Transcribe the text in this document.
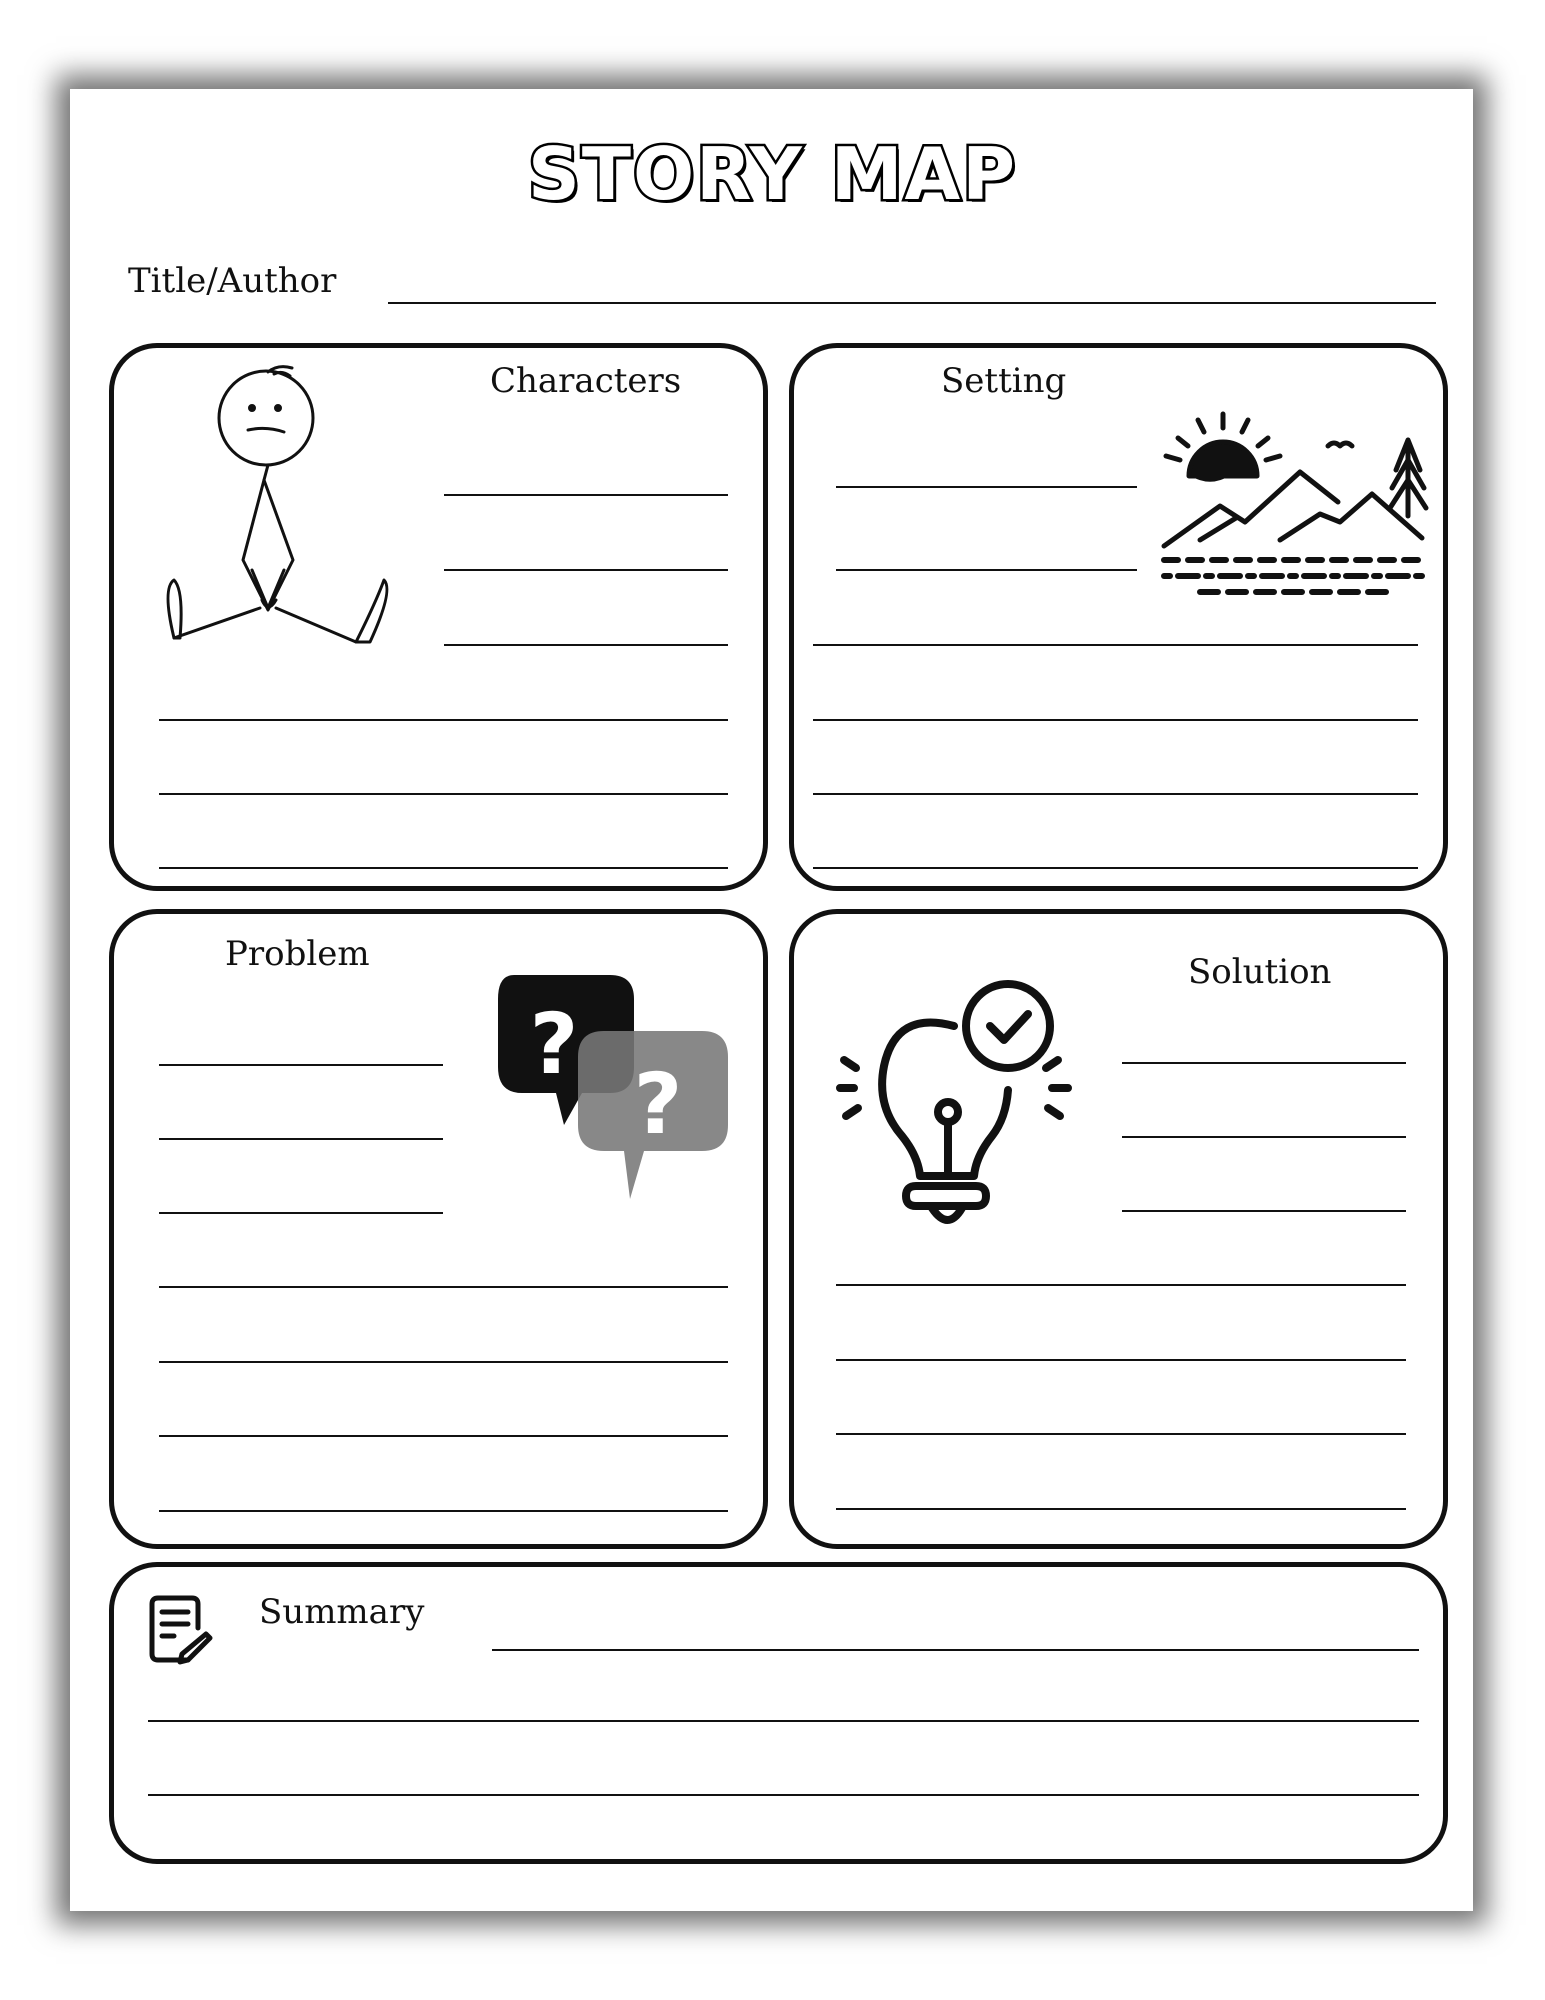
STORY MAP
Title/Author
Characters	Setting
Problem
?
?
Solution
Summary
